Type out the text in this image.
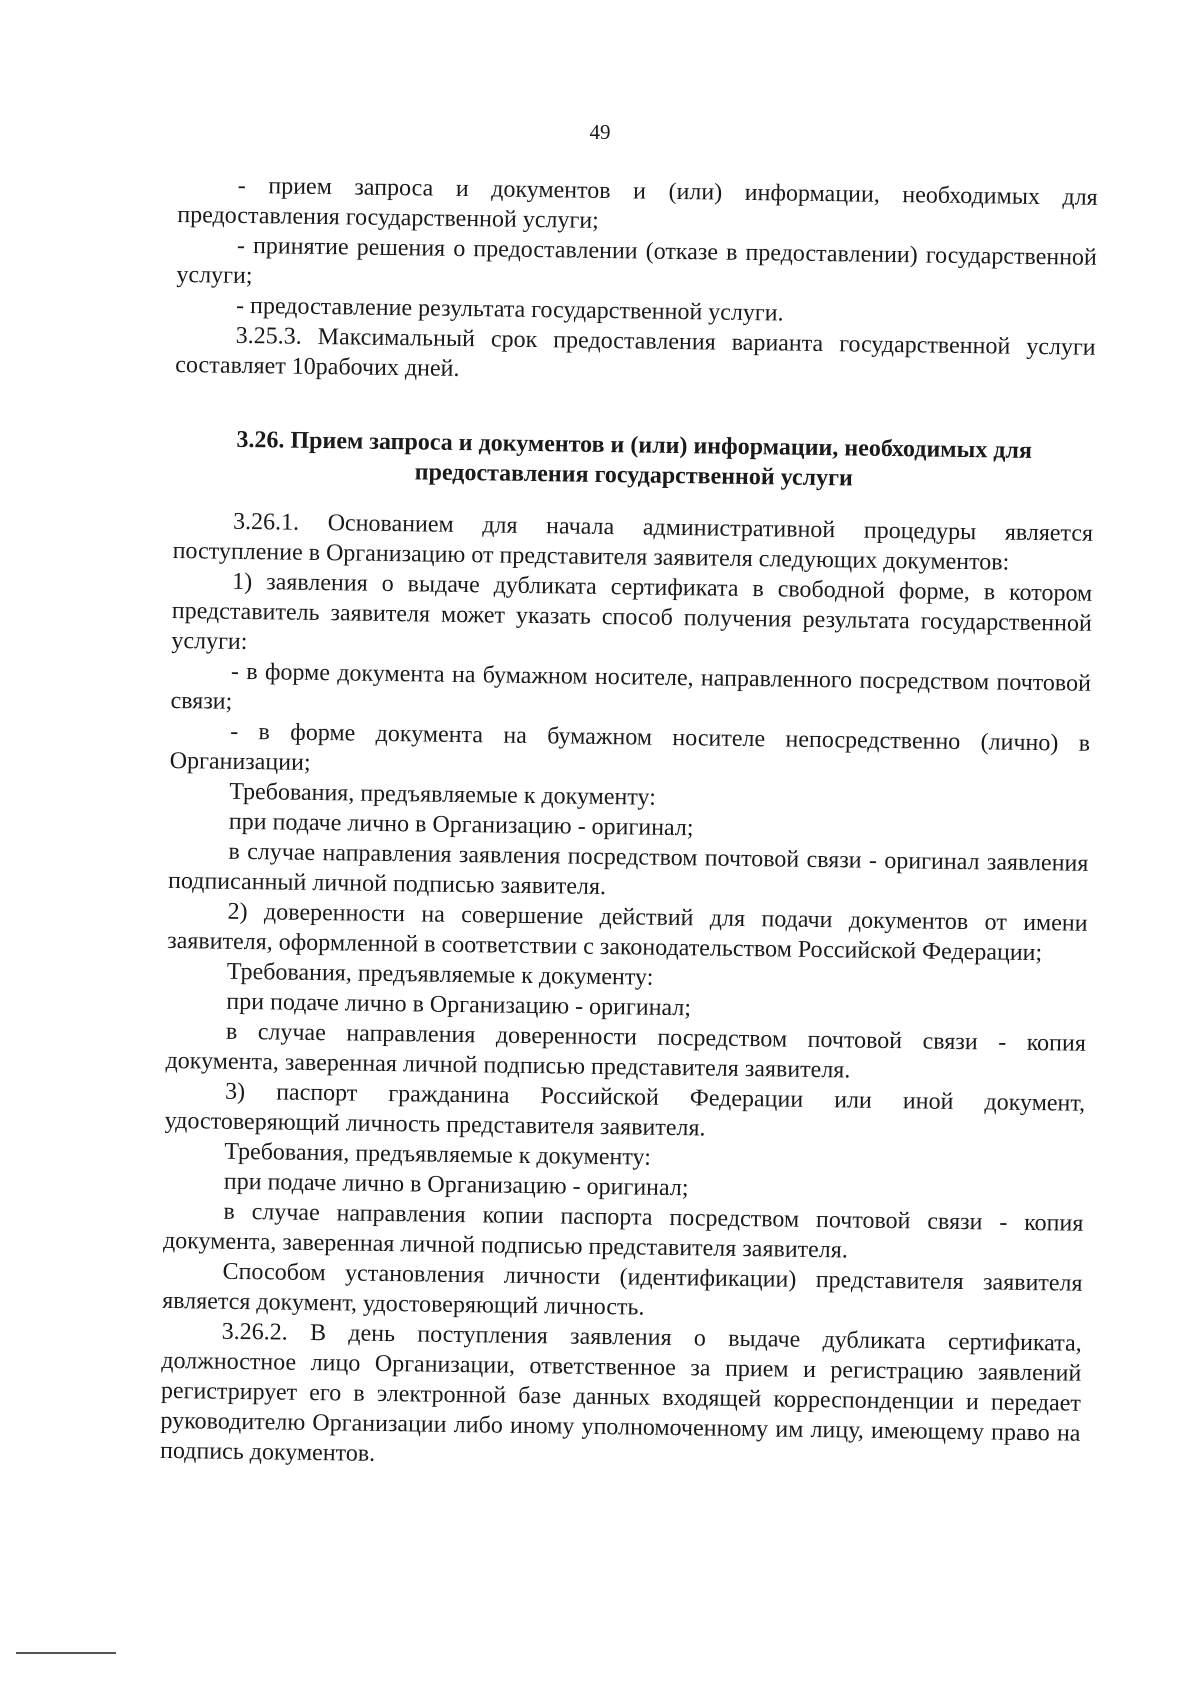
49

- прием запроса и документов и (или) информации, необходимых для предоставления государственной услуги;

- принятие решения о предоставлении (отказе в предоставлении) государственной услуги;

- предоставление результата государственной услуги.

3.25.3. Максимальный срок предоставления варианта государственной услуги составляет 10рабочих дней.

3.26. Прием запроса и документов и (или) информации, необходимых для предоставления государственной услуги

3.26.1. Основанием для начала административной процедуры является поступление в Организацию от представителя заявителя следующих документов:

1) заявления о выдаче дубликата сертификата в свободной форме, в котором представитель заявителя может указать способ получения результата государственной услуги:

- в форме документа на бумажном носителе, направленного посредством почтовой связи;

- в форме документа на бумажном носителе непосредственно (лично) в Организации;

Требования, предъявляемые к документу:

при подаче лично в Организацию - оригинал;

в случае направления заявления посредством почтовой связи - оригинал заявления подписанный личной подписью заявителя.

2) доверенности на совершение действий для подачи документов от имени заявителя, оформленной в соответствии с законодательством Российской Федерации;

Требования, предъявляемые к документу:

при подаче лично в Организацию - оригинал;

в случае направления доверенности посредством почтовой связи - копия документа, заверенная личной подписью представителя заявителя.

3) паспорт гражданина Российской Федерации или иной документ, удостоверяющий личность представителя заявителя.

Требования, предъявляемые к документу:

при подаче лично в Организацию - оригинал;

в случае направления копии паспорта посредством почтовой связи - копия документа, заверенная личной подписью представителя заявителя.

Способом установления личности (идентификации) представителя заявителя является документ, удостоверяющий личность.

3.26.2. В день поступления заявления о выдаче дубликата сертификата, должностное лицо Организации, ответственное за прием и регистрацию заявлений регистрирует его в электронной базе данных входящей корреспонденции и передает руководителю Организации либо иному уполномоченному им лицу, имеющему право на подпись документов.
